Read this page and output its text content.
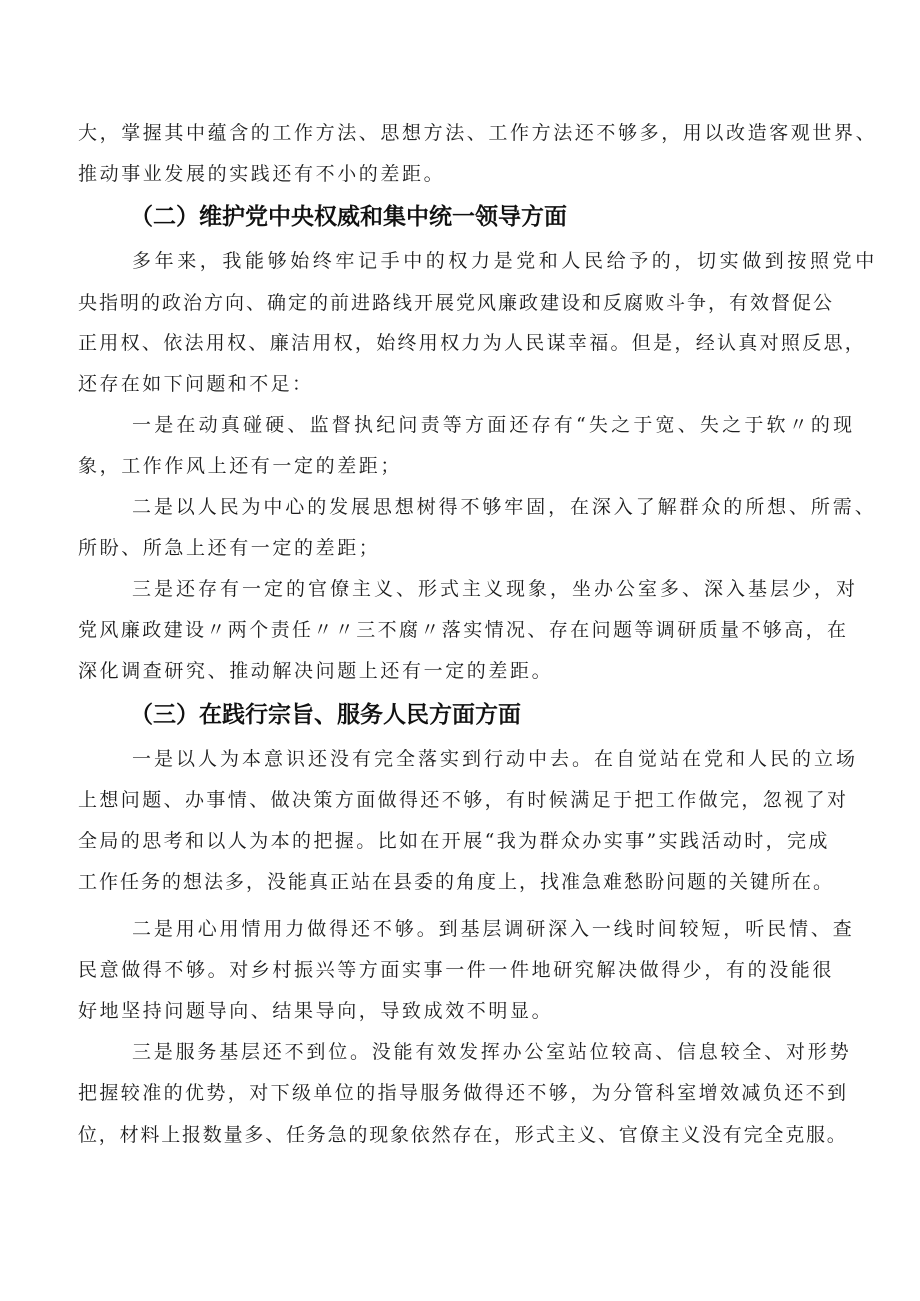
大，掌握其中蕴含的工作方法、思想方法、工作方法还不够多，用以改造客观世界、
推动事业发展的实践还有不小的差距。
（二）维护党中央权威和集中统一领导方面
多年来，我能够始终牢记手中的权力是党和人民给予的，切实做到按照党中
央指明的政治方向、确定的前进路线开展党风廉政建设和反腐败斗争，有效督促公
正用权、依法用权、廉洁用权，始终用权力为人民谋幸福。但是，经认真对照反思，
还存在如下问题和不足：
一是在动真碰硬、监督执纪问责等方面还存有“失之于宽、失之于软〃的现
象，工作作风上还有一定的差距；
二是以人民为中心的发展思想树得不够牢固，在深入了解群众的所想、所需、
所盼、所急上还有一定的差距；
三是还存有一定的官僚主义、形式主义现象，坐办公室多、深入基层少，对
党风廉政建设〃两个责任〃〃三不腐〃落实情况、存在问题等调研质量不够高，在
深化调查研究、推动解决问题上还有一定的差距。
（三）在践行宗旨、服务人民方面方面
一是以人为本意识还没有完全落实到行动中去。在自觉站在党和人民的立场
上想问题、办事情、做决策方面做得还不够，有时候满足于把工作做完，忽视了对
全局的思考和以人为本的把握。比如在开展“我为群众办实事”实践活动时，完成
工作任务的想法多，没能真正站在县委的角度上，找准急难愁盼问题的关键所在。
二是用心用情用力做得还不够。到基层调研深入一线时间较短，听民情、查
民意做得不够。对乡村振兴等方面实事一件一件地研究解决做得少，有的没能很
好地坚持问题导向、结果导向，导致成效不明显。
三是服务基层还不到位。没能有效发挥办公室站位较高、信息较全、对形势
把握较准的优势，对下级单位的指导服务做得还不够，为分管科室增效减负还不到
位，材料上报数量多、任务急的现象依然存在，形式主义、官僚主义没有完全克服。
